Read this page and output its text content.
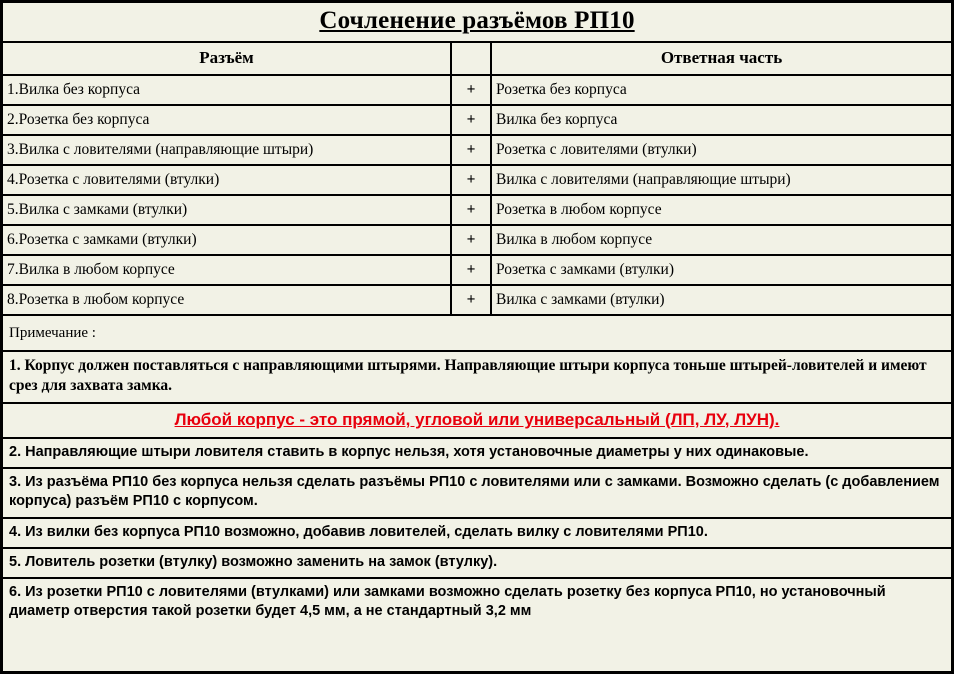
Сочленение разъёмов РП10
Разъём		Ответная часть
1.Вилка без корпуса	+	Розетка без корпуса
2.Розетка без корпуса	+	Вилка без корпуса
3.Вилка с ловителями (направляющие штыри)	+	Розетка с ловителями (втулки)
4.Розетка с ловителями (втулки)	+	Вилка с ловителями (направляющие штыри)
5.Вилка с замками (втулки)	+	Розетка в любом корпусе
6.Розетка с замками (втулки)	+	Вилка в любом корпусе
7.Вилка в любом корпусе	+	Розетка с замками (втулки)
8.Розетка в любом корпусе	+	Вилка с замками (втулки)
Примечание :
1. Корпус должен поставляться с направляющими штырями. Направляющие штыри корпуса тоньше штырей-ловителей и имеют срез для захвата замка.
Любой корпус - это прямой, угловой или универсальный (ЛП, ЛУ, ЛУН).
2. Направляющие штыри ловителя ставить в корпус нельзя, хотя установочные диаметры у них одинаковые.
3. Из разъёма РП10 без корпуса нельзя сделать разъёмы РП10 с ловителями или с замками. Возможно сделать (с добавлением корпуса) разъём РП10 с корпусом.
4. Из вилки без корпуса РП10 возможно, добавив ловителей, сделать вилку с ловителями РП10.
5. Ловитель розетки (втулку) возможно заменить на замок (втулку).
6. Из розетки РП10 с ловителями (втулками) или замками возможно сделать розетку без корпуса РП10, но установочный диаметр отверстия такой розетки будет 4,5 мм, а не стандартный 3,2 мм
